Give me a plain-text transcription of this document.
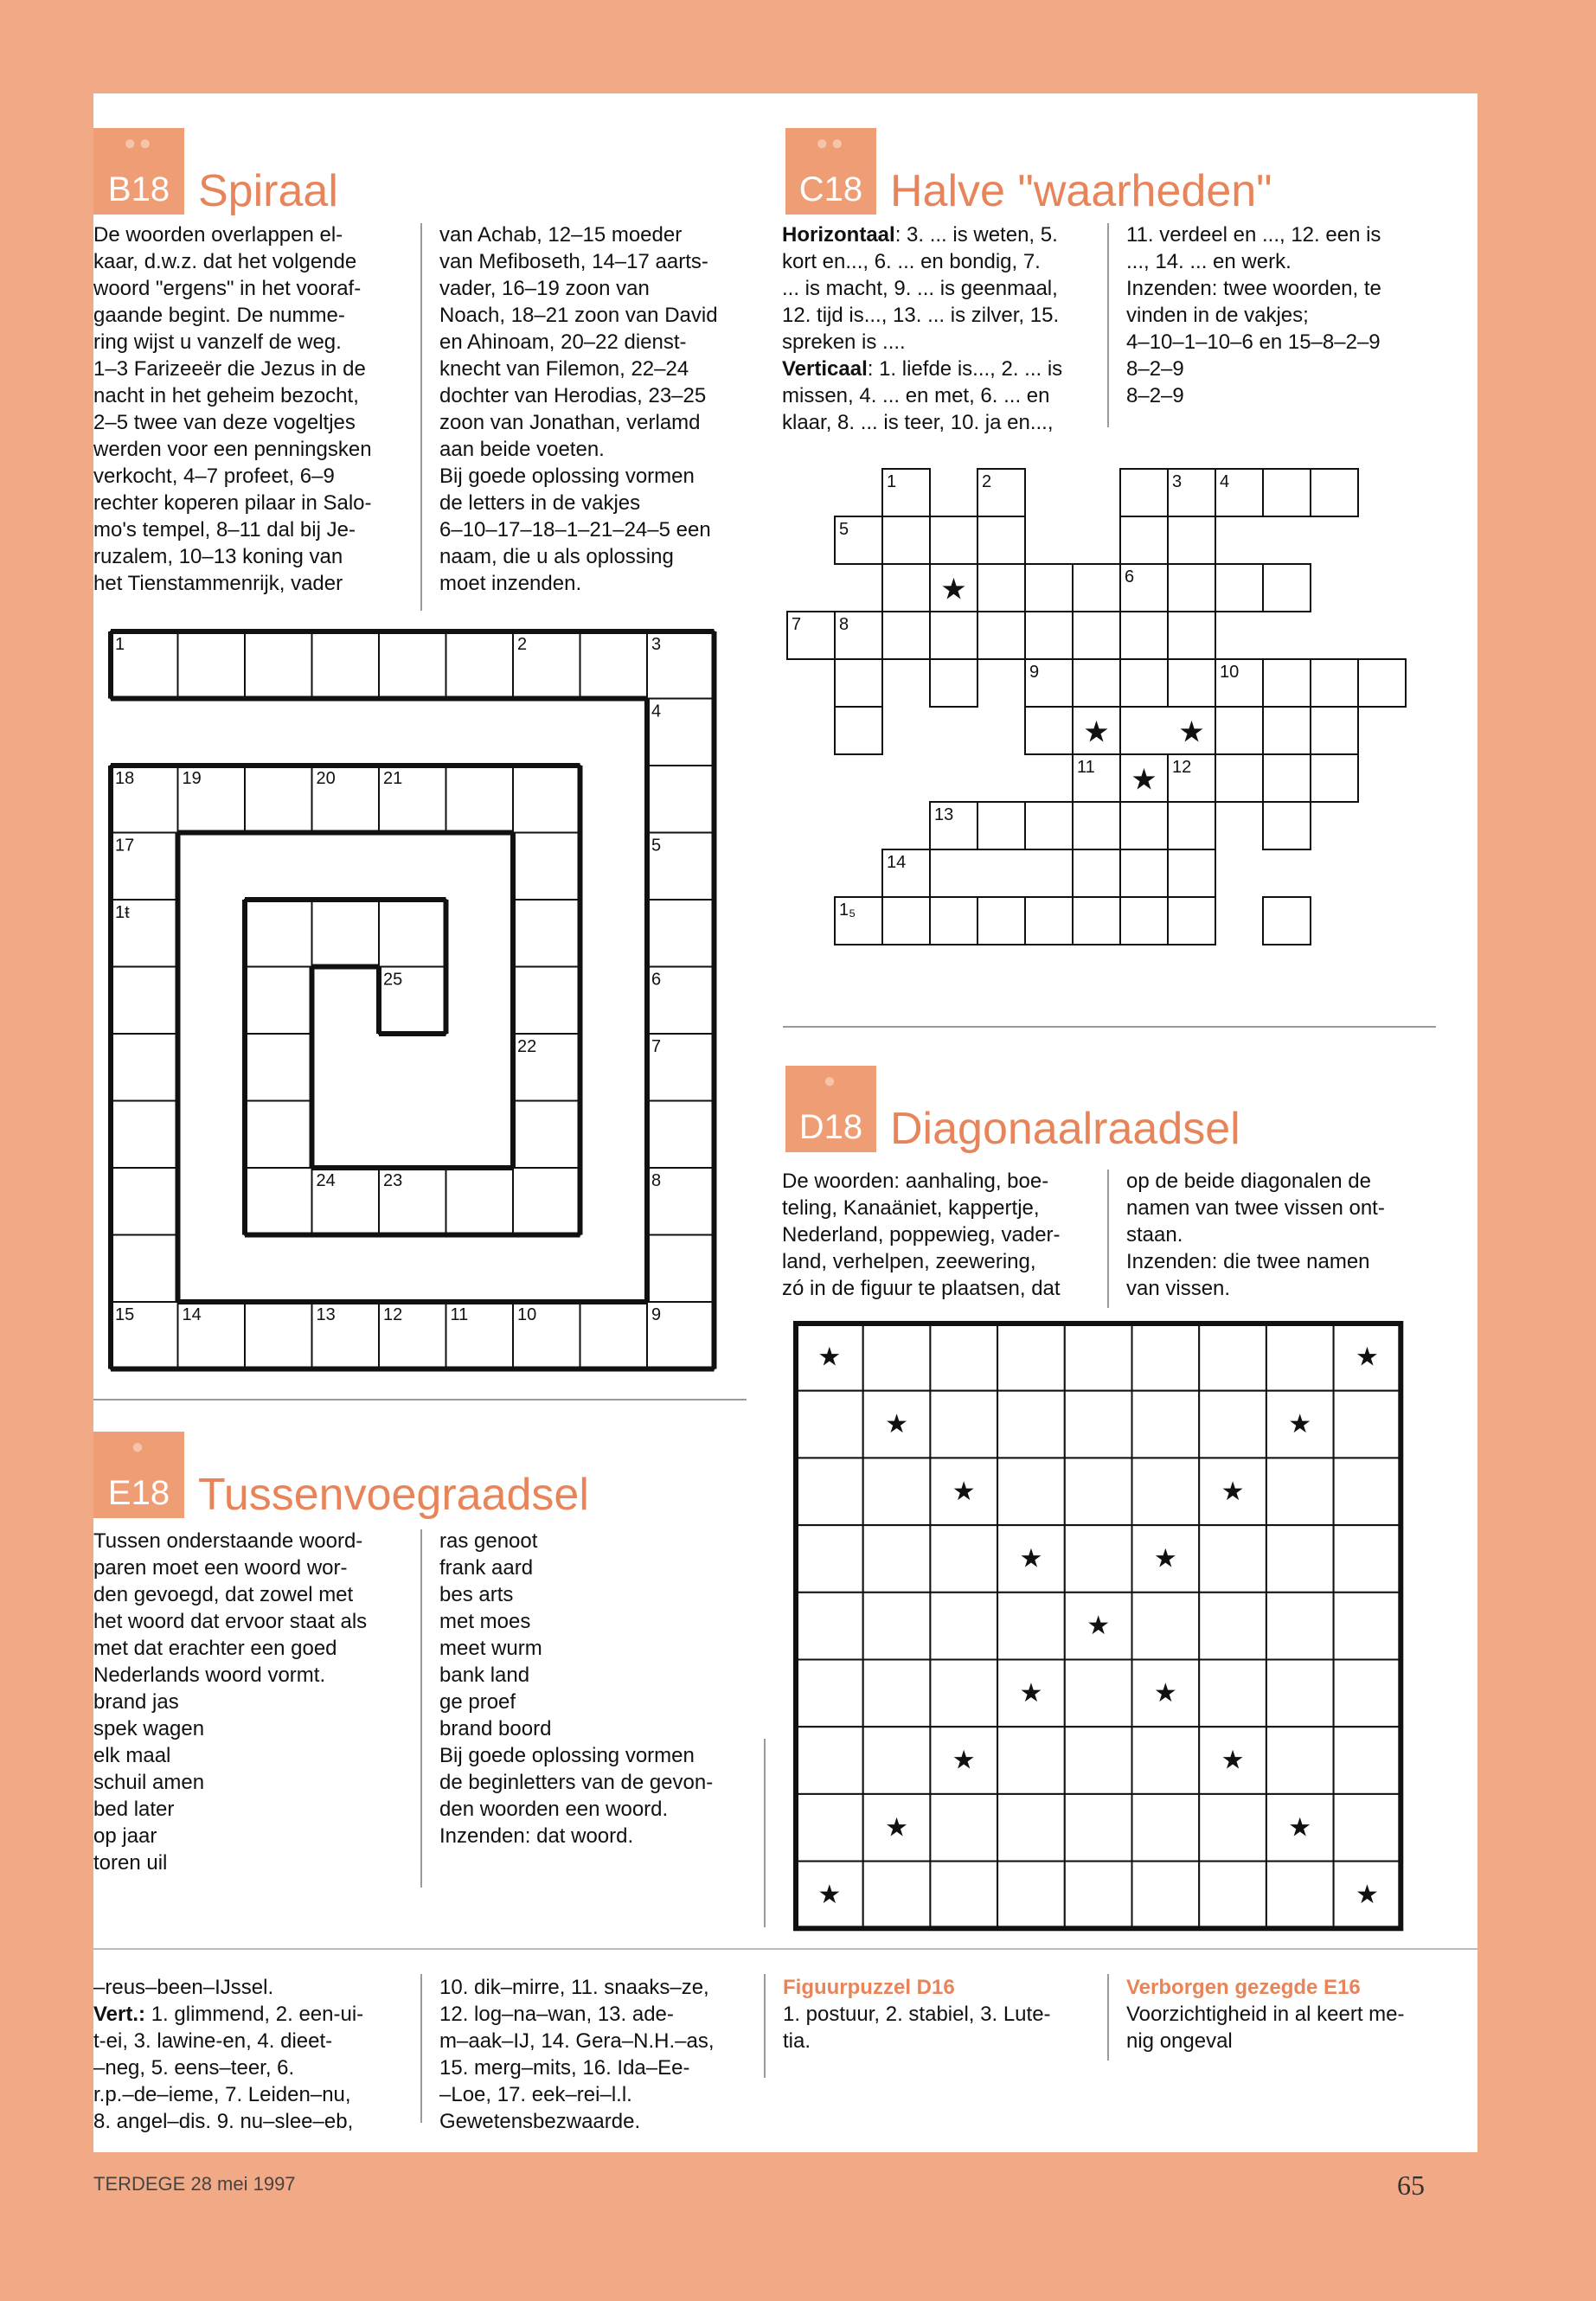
●●
B18 Spiraal

De woorden overlappen el-

kaar, d.w.z. dat het volgende

woord "ergens" in het vooraf-

gaande begint. De numme-

ring wijst u vanzelf de weg.

1–3 Farizeeër die Jezus in de

nacht in het geheim bezocht,

2–5 twee van deze vogeltjes

werden voor een penningsken

verkocht, 4–7 profeet, 6–9

rechter koperen pilaar in Salo-

mo's tempel, 8–11 dal bij Je-

ruzalem, 10–13 koning van

het Tienstammenrijk, vader

van Achab, 12–15 moeder

van Mefiboseth, 14–17 aarts-

vader, 16–19 zoon van

Noach, 18–21 zoon van David

en Ahinoam, 20–22 dienst-

knecht van Filemon, 22–24

dochter van Herodias, 23–25

zoon van Jonathan, verlamd

aan beide voeten.

Bij goede oplossing vormen

de letters in de vakjes

6–10–17–18–1–21–24–5 een

naam, die u als oplossing

moet inzenden.

1	2	3
4
5
6
7
8
9
10
11
12
13
14
15
1ŧ
17
18	19	20	21
22
23
24
25
●●
C18 Halve "waarheden"

Horizontaal: 3. ... is weten, 5.

kort en..., 6. ... en bondig, 7.

... is macht, 9. ... is geenmaal,

12. tijd is..., 13. ... is zilver, 15.

spreken is ....

Verticaal: 1. liefde is..., 2. ... is

missen, 4. ... en met, 6. ... en

klaar, 8. ... is teer, 10. ja en...,

11. verdeel en ..., 12. een is

..., 14. ... en werk.

Inzenden: twee woorden, te

vinden in de vakjes;

4–10–1–10–6 en 15–8–2–9

8–2–9

8–2–9

1	2	3 4
5
6
7 8
9	10
11	12
13
14
1₅
★
★ ★
★
●
D18 Diagonaalraadsel

De woorden: aanhaling, boe-

teling, Kanaäniet, kappertje,

Nederland, poppewieg, vader-

land, verhelpen, zeewering,

zó in de figuur te plaatsen, dat

op de beide diagonalen de

namen van twee vissen ont-

staan.

Inzenden: die twee namen

van vissen.

★	★
★	★
★	★
★	★
★
★
★
★
★
★
★
★
★
●
E18 Tussenvoegraadsel

Tussen onderstaande woord-

paren moet een woord wor-

den gevoegd, dat zowel met

het woord dat ervoor staat als

met dat erachter een goed

Nederlands woord vormt.

brand jas

spek wagen

elk maal

schuil amen

bed later

op jaar

toren uil

ras genoot

frank aard

bes arts

met moes

meet wurm

bank land

ge proef

brand boord

Bij goede oplossing vormen

de beginletters van de gevon-

den woorden een woord.

Inzenden: dat woord.

–reus–been–IJssel.

Vert.: 1. glimmend, 2. een-ui-

t-ei, 3. lawine-en, 4. dieet-

–neg, 5. eens–teer, 6.

r.p.–de–ieme, 7. Leiden–nu,

8. angel–dis. 9. nu–slee–eb,

10. dik–mirre, 11. snaaks–ze,

12. log–na–wan, 13. ade-

m–aak–IJ, 14. Gera–N.H.–as,

15. merg–mits, 16. Ida–Ee-

–Loe, 17. eek–rei–l.l.

Gewetensbezwaarde.

Figuurpuzzel D16

1. postuur, 2. stabiel, 3. Lute-

tia.

Verborgen gezegde E16

Voorzichtigheid in al keert me-

nig ongeval

TERDEGE 28 mei 1997	65
